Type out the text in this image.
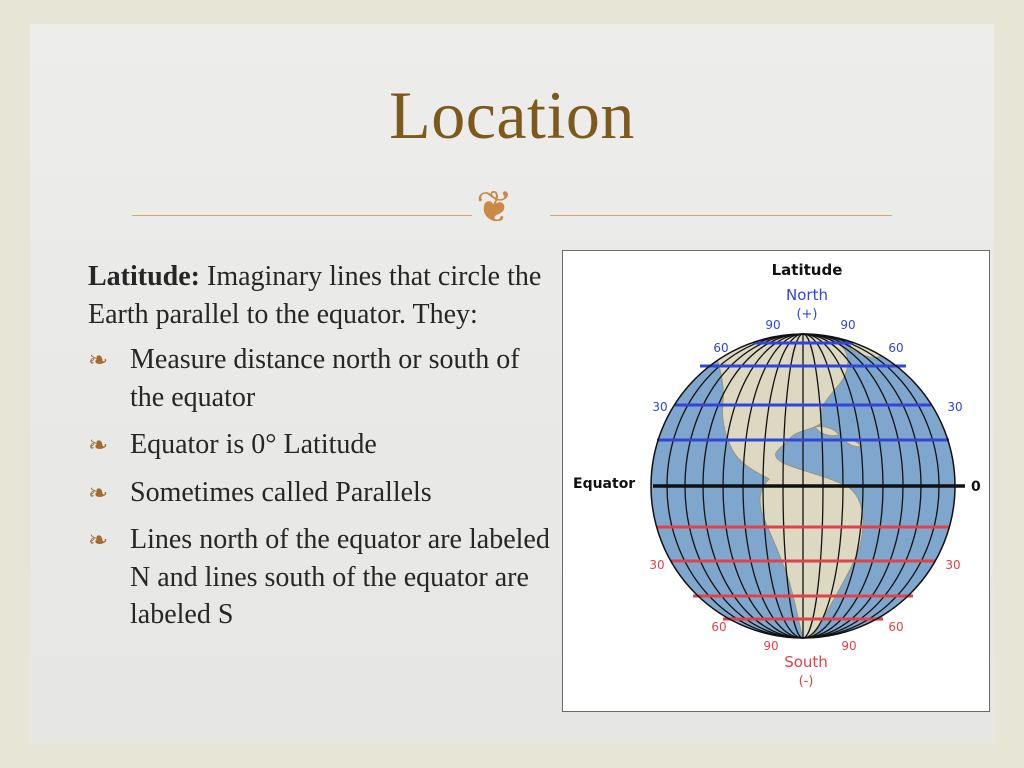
Location
❦

Latitude: Imaginary lines that circle the Earth parallel to the equator. They:

❧ Measure distance north or south of the equator
❧ Equator is 0° Latitude
❧ Sometimes called Parallels
❧ Lines north of the equator are labeled N and lines south of the equator are labeled S
Latitude
North
(+)
90	90
60	60
30	30
Equator	0
30	30
60	60
90	90
South
(-)
